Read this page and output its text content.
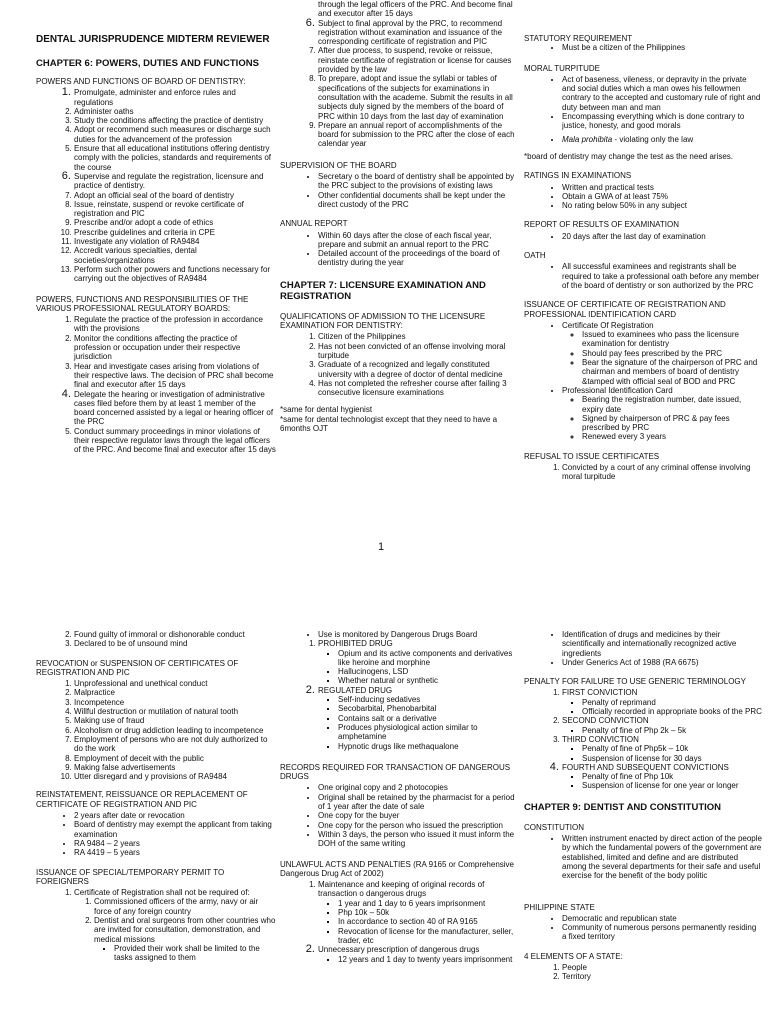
DENTAL JURISPRUDENCE MIDTERM REVIEWER
CHAPTER 6: POWERS, DUTIES AND FUNCTIONS
POWERS AND FUNCTIONS OF BOARD OF DENTISTRY:
1. Promulgate, administer and enforce rules and regulations
2. Administer oaths
3. Study the conditions affecting the practice of dentistry
4. Adopt or recommend such measures or discharge such duties for the advancement of the profession
5. Ensure that all educational institutions offering dentistry comply with the policies, standards and requirements of the course
6. Supervise and regulate the registration, licensure and practice of dentistry.
7. Adopt an official seal of the board of dentistry
8. Issue, reinstate, suspend or revoke certificate of registration and PIC
9. Prescribe and/or adopt a code of ethics
10. Prescribe guidelines and criteria in CPE
11. Investigate any violation of RA9484
12. Accredit various specialties, dental societies/organizations
13. Perform such other powers and functions necessary for carrying out the objectives of RA9484
POWERS, FUNCTIONS AND RESPONSIBILITIES OF THE VARIOUS PROFESSIONAL REGULATORY BOARDS:
1. Regulate the practice of the profession in accordance with the provisions
2. Monitor the conditions affecting the practice of profession or occupation under their respective jurisdiction
3. Hear and investigate cases arising from violations of their respective laws. The decision of PRC shall become final and executor after 15 days
4. Delegate the hearing or investigation of administrative cases filed before them by at least 1 member of the board concerned assisted by a legal or hearing officer of the PRC
5. Conduct summary proceedings in minor violations of their respective regulator laws through the legal officers of the PRC. And become final and executor after 15 days
through the legal officers of the PRC. And become final and executor after 15 days
6. Subject to final approval by the PRC, to recommend registration without examination and issuance of the corresponding certificate of registration and PIC
7. After due process, to suspend, revoke or reissue, reinstate certificate of registration or license for causes provided by the law
8. To prepare, adopt and issue the syllabi or tables of specifications of the subjects for examinations in consultation with the academe. Submit the results in all subjects duly signed by the members of the board of PRC within 10 days from the last day of examination
9. Prepare an annual report of accomplishments of the board for submission to the PRC after the close of each calendar year
SUPERVISION OF THE BOARD
• Secretary o the board of dentistry shall be appointed by the PRC subject to the provisions of existing laws
• Other confidential documents shall be kept under the direct custody of the PRC
ANNUAL REPORT
• Within 60 days after the close of each fiscal year, prepare and submit an annual report to the PRC
• Detailed account of the proceedings of the board of dentistry during the year
CHAPTER 7: LICENSURE EXAMINATION AND REGISTRATION
QUALIFICATIONS OF ADMISSION TO THE LICENSURE EXAMINATION FOR DENTISTRY:
1. Citizen of the Philippines
2. Has not been convicted of an offense involving moral turpitude
3. Graduate of a recognized and legally constituted university with a degree of doctor of dental medicine
4. Has not completed the refresher course after failing 3 consecutive licensure examinations
*same for dental hygienist
*same for dental technologist except that they need to have a 6months OJT
STATUTORY REQUIREMENT
• Must be a citizen of the Philippines
MORAL TURPITUDE
• Act of baseness, vileness, or depravity in the private and social duties which a man owes his fellowmen contrary to the accepted and customary rule of right and duty between man and man
• Encompassing everything which is done contrary to justice, honesty, and good morals
• Mala prohibita - violating only the law
*board of dentistry may change the test as the need arises.
RATINGS IN EXAMINATIONS
• Written and practical tests
• Obtain a GWA of at least 75%
• No rating below 50% in any subject
REPORT OF RESULTS OF EXAMINATION
• 20 days after the last day of examination
OATH
• All successful examinees and registrants shall be required to take a professional oath before any member of the board of dentistry or son authorized by the PRC
ISSUANCE OF CERTIFICATE OF REGISTRATION AND PROFESSIONAL IDENTIFICATION CARD
• Certificate Of Registration
◦ Issued to examinees who pass the licensure examination for dentistry
◦ Should pay fees prescribed by the PRC
◦ Bear the signature of the chairperson of PRC and chairman and members of board of dentistry &tamped with official seal of BOD and PRC
• Professional Identification Card
◦ Bearing the registration number, date issued, expiry date
◦ Signed by chairperson of PRC & pay fees prescribed by PRC
◦ Renewed every 3 years
REFUSAL TO ISSUE CERTIFICATES
1. Convicted by a court of any criminal offense involving moral turpitude
1
2. Found guilty of immoral or dishonorable conduct
3. Declared to be of unsound mind
REVOCATION or SUSPENSION OF CERTIFICATES OF REGISTRATION AND PIC
1. Unprofessional and unethical conduct
2. Malpractice
3. Incompetence
4. Willful destruction or mutilation of natural tooth
5. Making use of fraud
6. Alcoholism or drug addiction leading to incompetence
7. Employment of persons who are not duly authorized to do the work
8. Employment of deceit with the public
9. Making false advertisements
10. Utter disregard and y provisions of RA9484
REINSTATEMENT, REISSUANCE OR REPLACEMENT OF CERTIFICATE OF REGISTRATION AND PIC
• 2 years after date or revocation
• Board of dentistry may exempt the applicant from taking examination
• RA 9484 – 2 years
• RA 4419 – 5 years
ISSUANCE OF SPECIAL/TEMPORARY PERMIT TO FOREIGNERS
1. Certificate of Registration shall not be required of:
1. Commissioned officers of the army, navy or air force of any foreign country
2. Dentist and oral surgeons from other countries who are invited for consultation, demonstration, and medical missions
▪ Provided their work shall be limited to the tasks assigned to them
• Use is monitored by Dangerous Drugs Board
1. PROHIBITED DRUG
▪ Opium and its active components and derivatives like heroine and morphine
▪ Hallucinogens, LSD
▪ Whether natural or synthetic
2. REGULATED DRUG
▪ Self-inducing sedatives
▪ Secobarbital, Phenobarbital
▪ Contains salt or a derivative
▪ Produces physiological action similar to amphetamine
▪ Hypnotic drugs like methaqualone
RECORDS REQUIRED FOR TRANSACTION OF DANGEROUS DRUGS
• One original copy and 2 photocopies
• Original shall be retained by the pharmacist for a period of 1 year after the date of sale
• One copy for the buyer
• One copy for the person who issued the prescription
• Within 3 days, the person who issued it must inform the DOH of the same writing
UNLAWFUL ACTS AND PENALTIES (RA 9165 or Comprehensive Dangerous Drug Act of 2002)
1. Maintenance and keeping of original records of transaction o dangerous drugs
▪ 1 year and 1 day to 6 years imprisonment
▪ Php 10k – 50k
▪ In accordance to section 40 of RA 9165
▪ Revocation of license for the manufacturer, seller, trader, etc
2. Unnecessary prescription of dangerous drugs
▪ 12 years and 1 day to twenty years imprisonment
• Identification of drugs and medicines by their scientifically and internationally recognized active ingredients
• Under Generics Act of 1988 (RA 6675)
PENALTY FOR FAILURE TO USE GENERIC TERMINOLOGY
1. FIRST CONVICTION
▪ Penalty of reprimand
▪ Officially recorded in appropriate books of the PRC
2. SECOND CONVICTION
▪ Penalty of fine of Php 2k – 5k
3. THIRD CONVICTION
▪ Penalty of fine of Php5k – 10k
▪ Suspension of license for 30 days
4. FOURTH AND SUBSEQUENT CONVICTIONS
▪ Penalty of fine of Php 10k
▪ Suspension of license for one year or longer
CHAPTER 9: DENTIST AND CONSTITUTION
CONSTITUTION
• Written instrument enacted by direct action of the people by which the fundamental powers of the government are established, limited and define and are distributed among the several departments for their safe and useful exercise for the benefit of the body politic
PHILIPPINE STATE
• Democratic and republican state
• Community of numerous persons permanently residing a fixed territory
4 ELEMENTS OF A STATE:
1. People
2. Territory
